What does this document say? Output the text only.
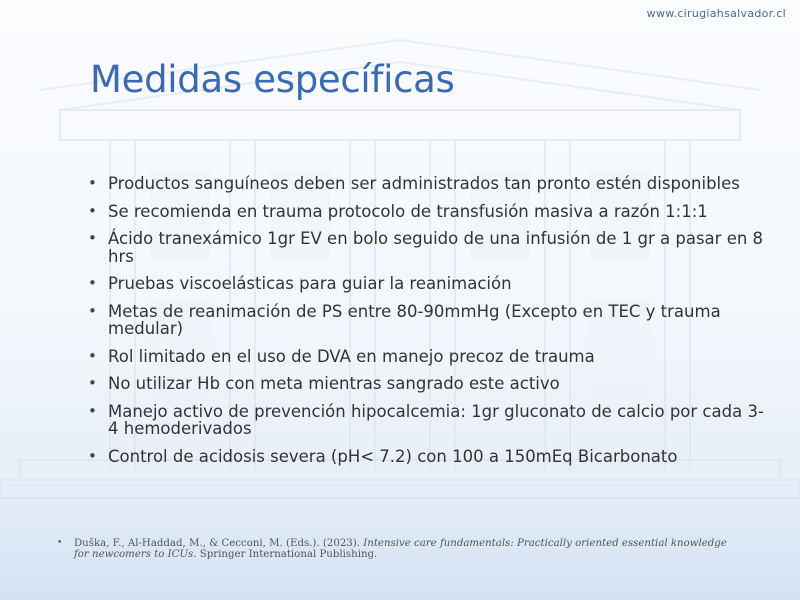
www.cirugiahsalvador.cl
Medidas específicas
• Productos sanguíneos deben ser administrados tan pronto estén disponibles
• Se recomienda en trauma protocolo de transfusión masiva a razón 1:1:1
• Ácido tranexámico 1gr EV en bolo seguido de una infusión de 1 gr a pasar en 8 hrs
• Pruebas viscoelásticas para guiar la reanimación
• Metas de reanimación de PS entre 80-90mmHg (Excepto en TEC y trauma medular)
• Rol limitado en el uso de DVA en manejo precoz de trauma
• No utilizar Hb con meta mientras sangrado este activo
• Manejo activo de prevención hipocalcemia: 1gr gluconato de calcio por cada 3-4 hemoderivados
• Control de acidosis severa (pH< 7.2) con 100 a 150mEq Bicarbonato
•	Duška, F., Al-Haddad, M., & Cecconi, M. (Eds.). (2023). Intensive care fundamentals: Practically oriented essential knowledge for newcomers to ICUs. Springer International Publishing.
